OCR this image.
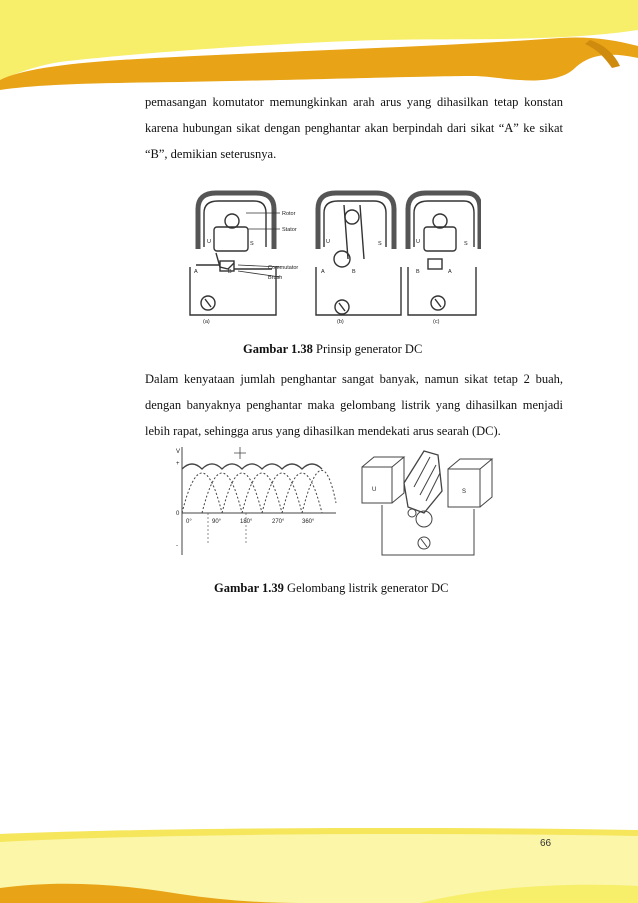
pemasangan komutator memungkinkan arah arus yang dihasilkan tetap konstan karena hubungan sikat dengan penghantar akan berpindah dari sikat “A” ke sikat “B”, demikian seterusnya.

Rotor
Stator
Commutator
Brush
U	S
A	B
(a)
U	S
A	B
(b)
U	S
B	A
(c)
Gambar 1.38 Prinsip generator DC

Dalam kenyataan jumlah penghantar sangat banyak, namun sikat tetap 2 buah, dengan banyaknya penghantar maka gelombang listrik yang dihasilkan menjadi lebih rapat, sehingga arus yang dihasilkan mendekati arus searah (DC).

V
+
0
-
0°	90°	180°	270°	360°
U	S
Gambar 1.39 Gelombang listrik generator DC
66
